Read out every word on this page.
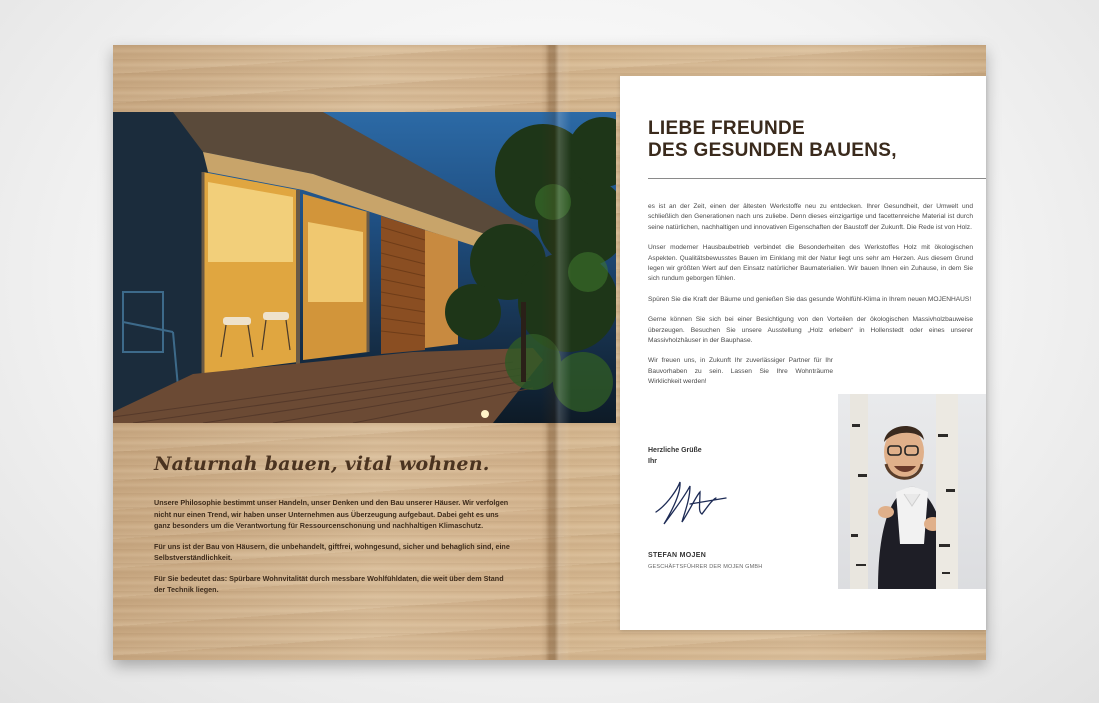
Naturnah bauen, vital wohnen.

Unsere Philosophie bestimmt unser Handeln, unser Denken und den Bau unserer Häuser. Wir verfolgen nicht nur einen Trend, wir haben unser Unternehmen aus Überzeugung aufgebaut. Dabei geht es uns ganz besonders um die Verantwortung für Ressourcenschonung und nachhaltigen Klimaschutz.

Für uns ist der Bau von Häusern, die unbehandelt, giftfrei, wohngesund, sicher und behaglich sind, eine Selbstverständlichkeit.

Für Sie bedeutet das: Spürbare Wohnvitalität durch messbare Wohlfühldaten, die weit über dem Stand der Technik liegen.

LIEBE FREUNDE
DES GESUNDEN BAUENS,

es ist an der Zeit, einen der ältesten Werkstoffe neu zu entdecken. Ihrer Gesundheit, der Umwelt und schließlich den Generationen nach uns zuliebe. Denn dieses einzigartige und facettenreiche Material ist durch seine natürlichen, nachhaltigen und innovativen Eigenschaften der Baustoff der Zukunft. Die Rede ist von Holz.

Unser moderner Hausbaubetrieb verbindet die Besonderheiten des Werkstoffes Holz mit ökologischen Aspekten. Qualitätsbewusstes Bauen im Einklang mit der Natur liegt uns sehr am Herzen. Aus diesem Grund legen wir größten Wert auf den Einsatz natürlicher Baumaterialien. Wir bauen Ihnen ein Zuhause, in dem Sie sich rundum geborgen fühlen.

Spüren Sie die Kraft der Bäume und genießen Sie das gesunde Wohlfühl-Klima in Ihrem neuen MOJENHAUS!

Gerne können Sie sich bei einer Besichtigung von den Vorteilen der ökologischen Massivholzbauweise überzeugen. Besuchen Sie unsere Ausstellung „Holz erleben“ in Hollenstedt oder eines unserer Massivholzhäuser in der Bauphase.

Wir freuen uns, in Zukunft Ihr zuverlässiger Partner für Ihr Bauvorhaben zu sein. Lassen Sie Ihre Wohnträume Wirklichkeit werden!

Herzliche Grüße
Ihr
STEFAN MOJEN
GESCHÄFTSFÜHRER DER MOJEN GMBH
